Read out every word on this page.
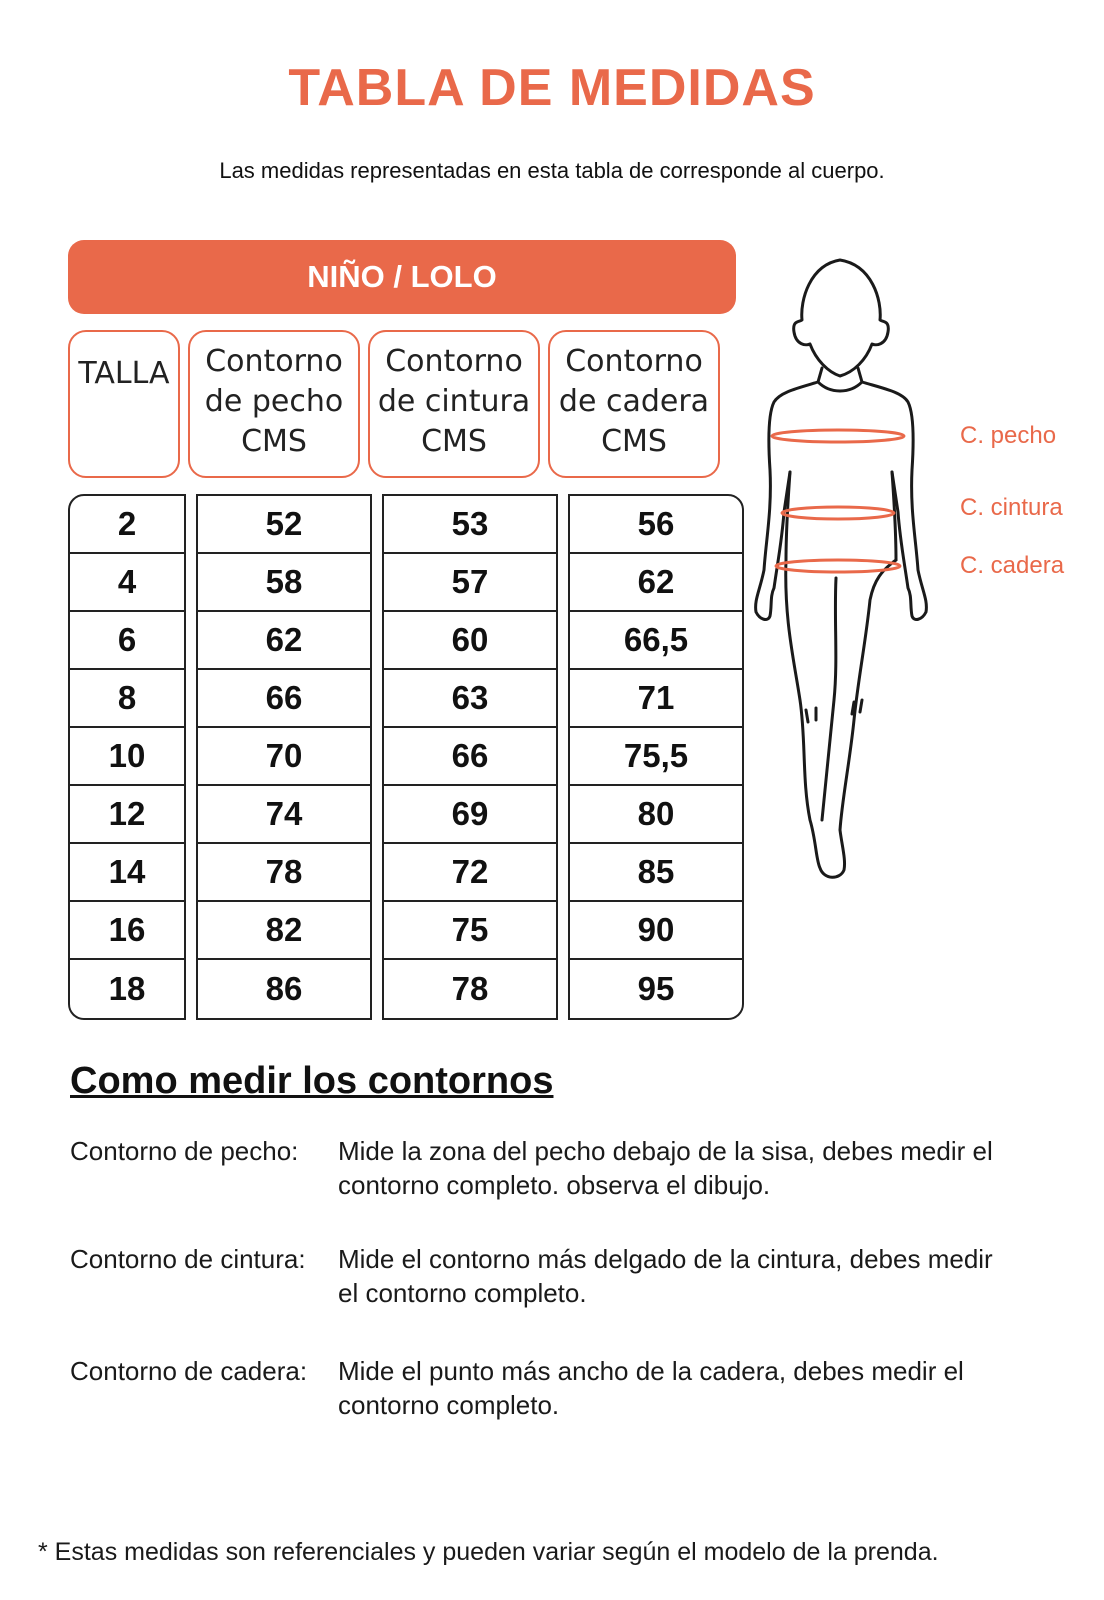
TABLA DE MEDIDAS
Las medidas representadas en esta tabla de corresponde al cuerpo.
NIÑO / LOLO
TALLA	Contorno
de pecho
CMS
Contorno
de cintura
CMS
Contorno
de cadera
CMS
2
4
6
8
10
12
14
16
18
52
58
62
66
70
74
78
82
86
53
57
60
63
66
69
72
75
78
56
62
66,5
71
75,5
80
85
90
95
C. pecho
C. cintura
C. cadera
Como medir los contornos
Contorno de pecho: Mide la zona del pecho debajo de la sisa, debes medir el contorno completo. observa el dibujo.
Contorno de cintura: Mide el contorno más delgado de la cintura, debes medir el contorno completo.
Contorno de cadera: Mide el punto más ancho de la cadera, debes medir el contorno completo.
* Estas medidas son referenciales y pueden variar según el modelo de la prenda.
